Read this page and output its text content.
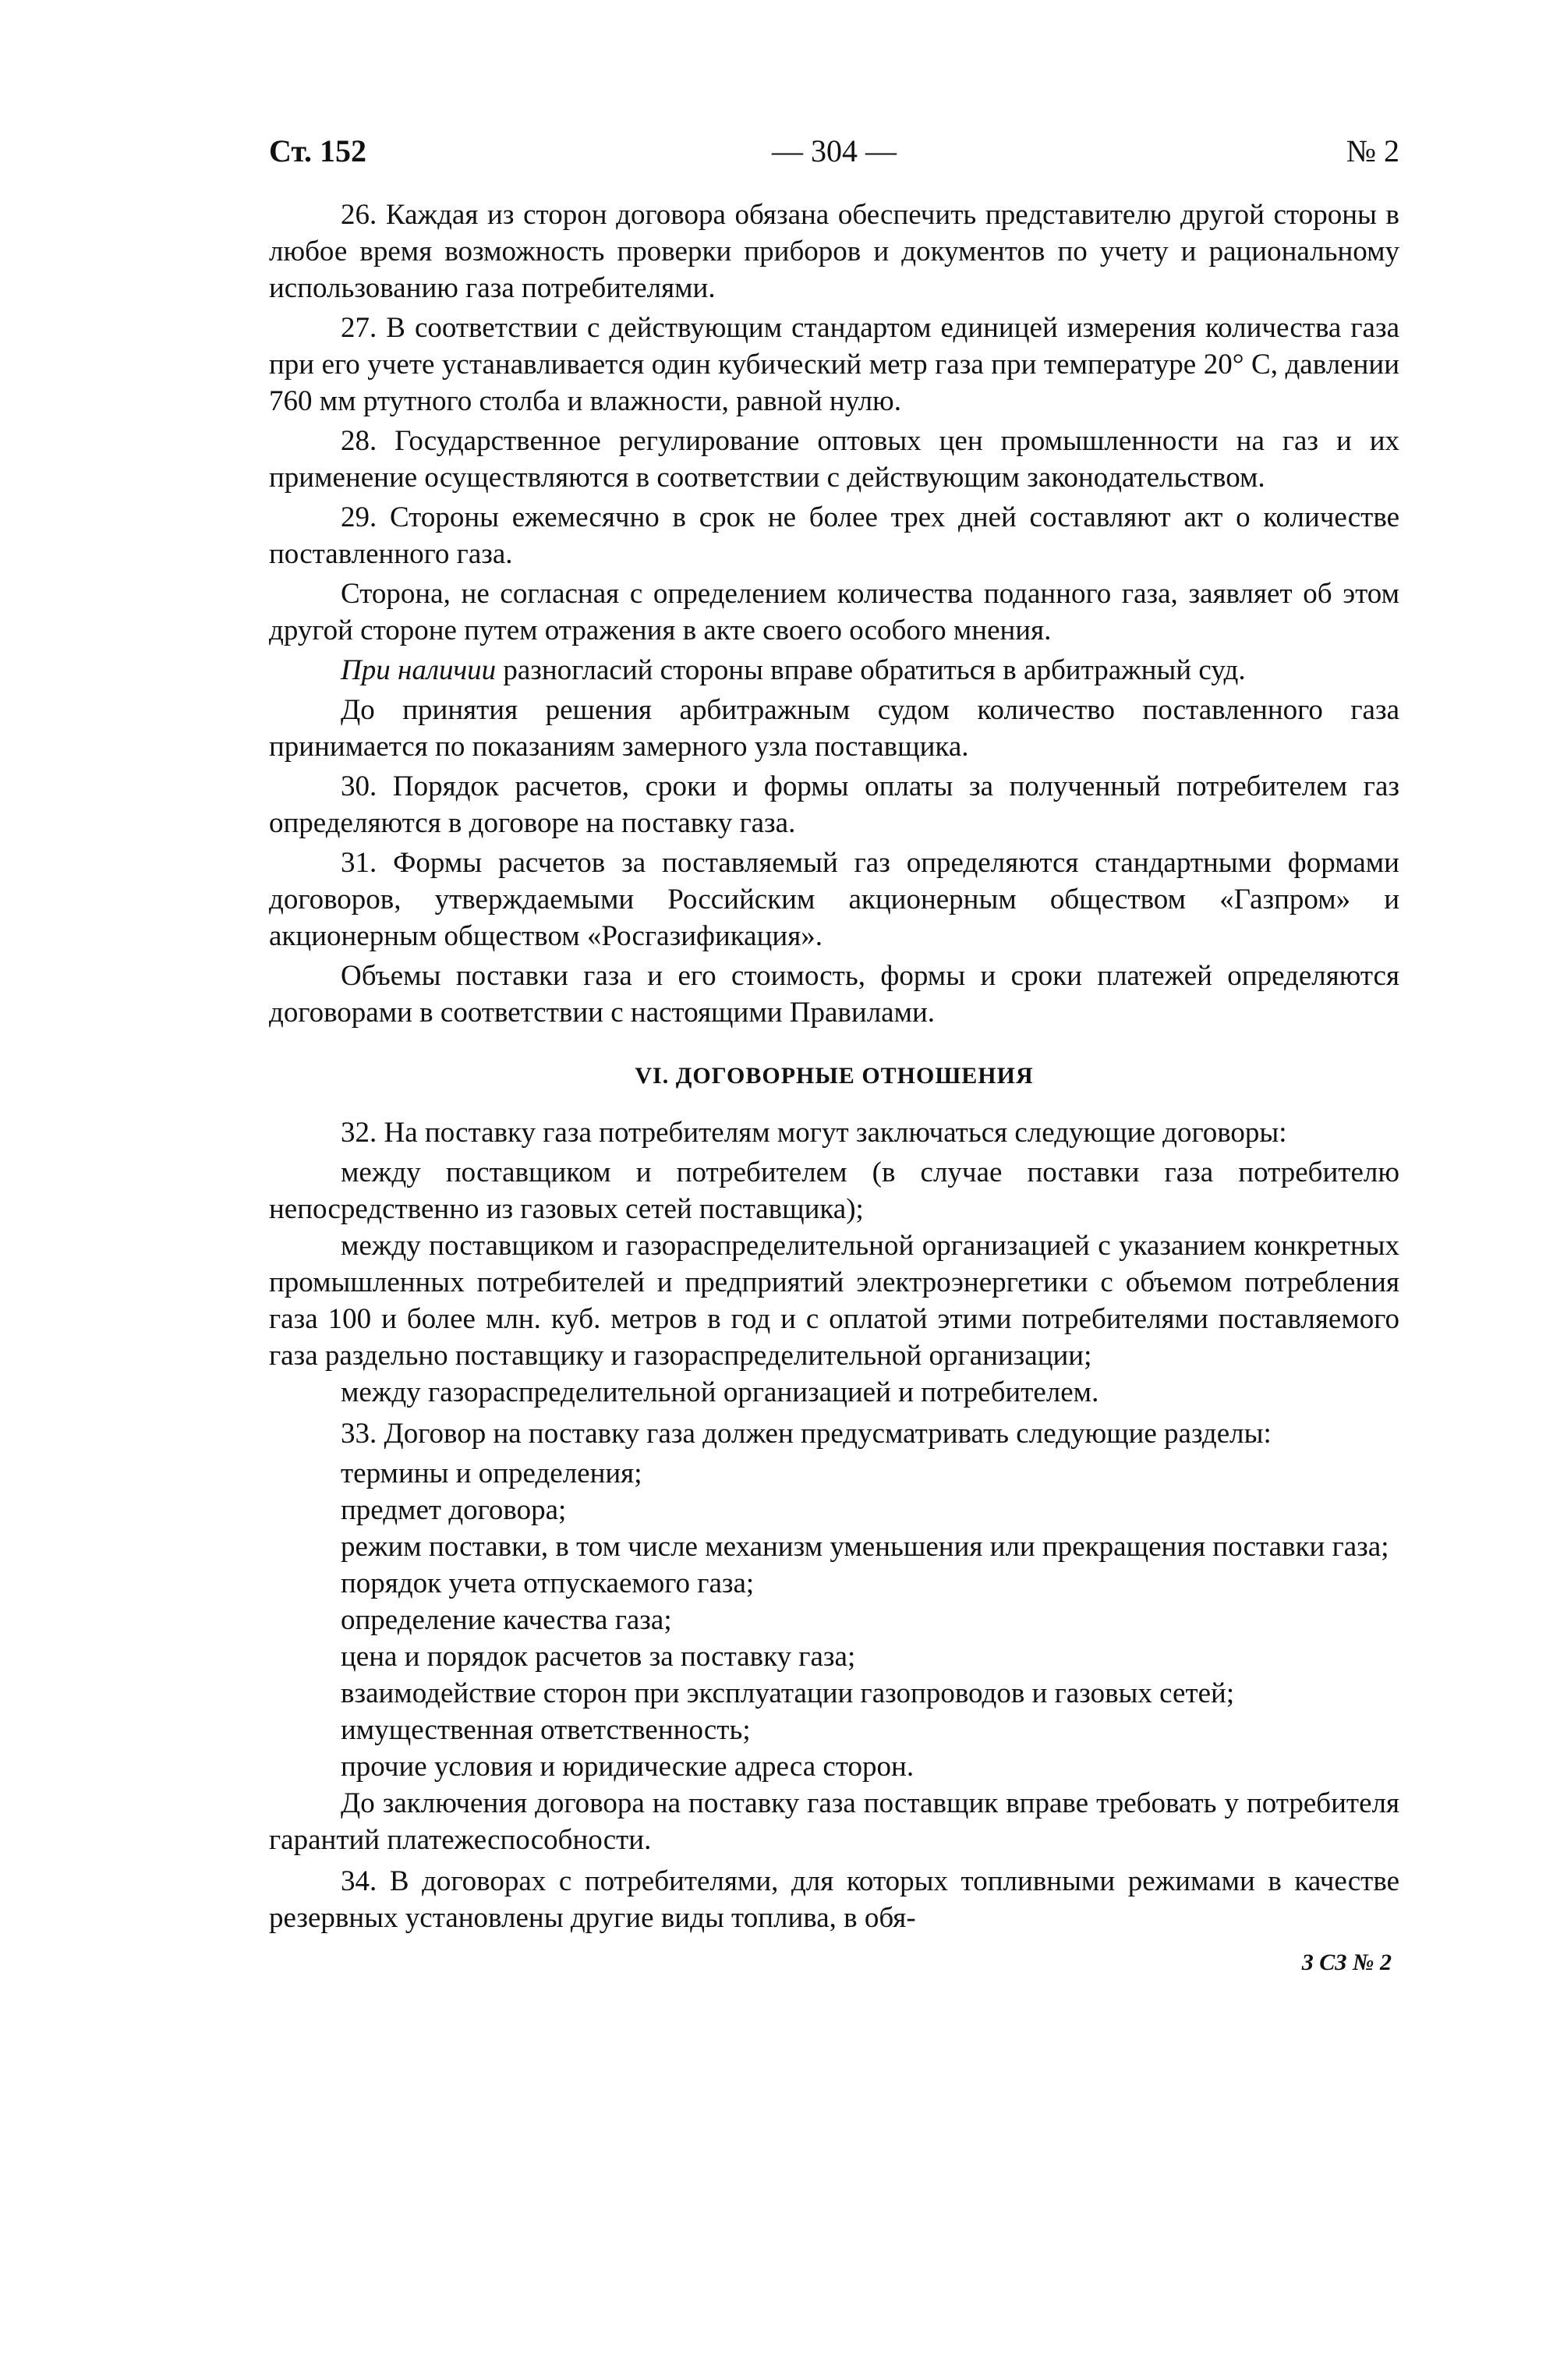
Ст. 152	— 304 —	№ 2

26. Каждая из сторон договора обязана обеспечить представителю другой стороны в любое время возможность проверки приборов и документов по учету и рациональному использованию газа потребителями.

27. В соответствии с действующим стандартом единицей измерения количества газа при его учете устанавливается один кубический метр газа при температуре 20° С, давлении 760 мм ртутного столба и влажности, равной нулю.

28. Государственное регулирование оптовых цен промышленности на газ и их применение осуществляются в соответствии с действующим законодательством.

29. Стороны ежемесячно в срок не более трех дней составляют акт о количестве поставленного газа.

Сторона, не согласная с определением количества поданного газа, заявляет об этом другой стороне путем отражения в акте своего особого мнения.

При наличии разногласий стороны вправе обратиться в арбитражный суд.

До принятия решения арбитражным судом количество поставленного газа принимается по показаниям замерного узла поставщика.

30. Порядок расчетов, сроки и формы оплаты за полученный потребителем газ определяются в договоре на поставку газа.

31. Формы расчетов за поставляемый газ определяются стандартными формами договоров, утверждаемыми Российским акционерным обществом «Газпром» и акционерным обществом «Росгазификация».

Объемы поставки газа и его стоимость, формы и сроки платежей определяются договорами в соответствии с настоящими Правилами.

VI. ДОГОВОРНЫЕ ОТНОШЕНИЯ

32. На поставку газа потребителям могут заключаться следующие договоры:

между поставщиком и потребителем (в случае поставки газа потребителю непосредственно из газовых сетей поставщика);

между поставщиком и газораспределительной организацией с указанием конкретных промышленных потребителей и предприятий электроэнергетики с объемом потребления газа 100 и более млн. куб. метров в год и с оплатой этими потребителями поставляемого газа раздельно поставщику и газораспределительной организации;

между газораспределительной организацией и потребителем.

33. Договор на поставку газа должен предусматривать следующие разделы:

термины и определения;

предмет договора;

режим поставки, в том числе механизм уменьшения или прекращения поставки газа;

порядок учета отпускаемого газа;

определение качества газа;

цена и порядок расчетов за поставку газа;

взаимодействие сторон при эксплуатации газопроводов и газовых сетей;

имущественная ответственность;

прочие условия и юридические адреса сторон.

До заключения договора на поставку газа поставщик вправе требовать у потребителя гарантий платежеспособности.

34. В договорах с потребителями, для которых топливными режимами в качестве резервных установлены другие виды топлива, в обя-

3 СЗ № 2
